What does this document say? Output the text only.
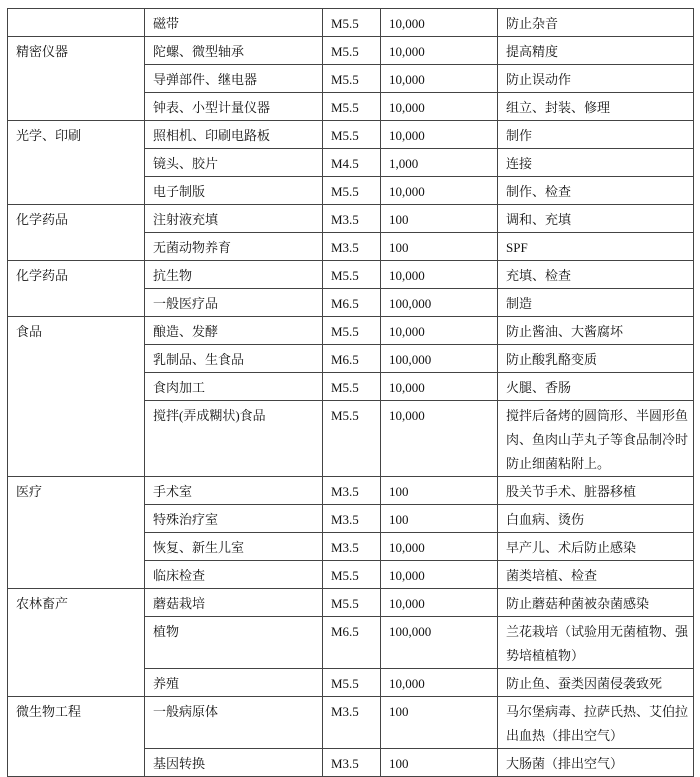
	磁带	M5.5	10,000	防止杂音
精密仪器	陀螺、微型轴承	M5.5	10,000	提高精度
	导弹部件、继电器	M5.5	10,000	防止误动作
	钟表、小型计量仪器	M5.5	10,000	组立、封装、修理
光学、印刷	照相机、印刷电路板	M5.5	10,000	制作
	镜头、胶片	M4.5	1,000	连接
	电子制版	M5.5	10,000	制作、检查
化学药品	注射液充填	M3.5	100	调和、充填
	无菌动物养育	M3.5	100	SPF
化学药品	抗生物	M5.5	10,000	充填、检查
	一般医疗品	M6.5	100,000	制造
食品	酿造、发酵	M5.5	10,000	防止酱油、大酱腐坏
	乳制品、生食品	M6.5	100,000	防止酸乳酪变质
	食肉加工	M5.5	10,000	火腿、香肠
	搅拌(弄成糊状)食品	M5.5	10,000	搅拌后备烤的圆筒形、半圆形鱼肉、鱼肉山芋丸子等食品制冷时防止细菌粘附上。
医疗	手术室	M3.5	100	股关节手术、脏器移植
	特殊治疗室	M3.5	100	白血病、烫伤
	恢复、新生儿室	M3.5	10,000	早产儿、术后防止感染
	临床检查	M5.5	10,000	菌类培植、检查
农林畜产	蘑菇栽培	M5.5	10,000	防止蘑菇种菌被杂菌感染
	植物	M6.5	100,000	兰花栽培（试验用无菌植物、强势培植植物）
	养殖	M5.5	10,000	防止鱼、蚕类因菌侵袭致死
微生物工程	一般病原体	M3.5	100	马尔堡病毒、拉萨氏热、艾伯拉出血热（排出空气）
	基因转换	M3.5	100	大肠菌（排出空气）
